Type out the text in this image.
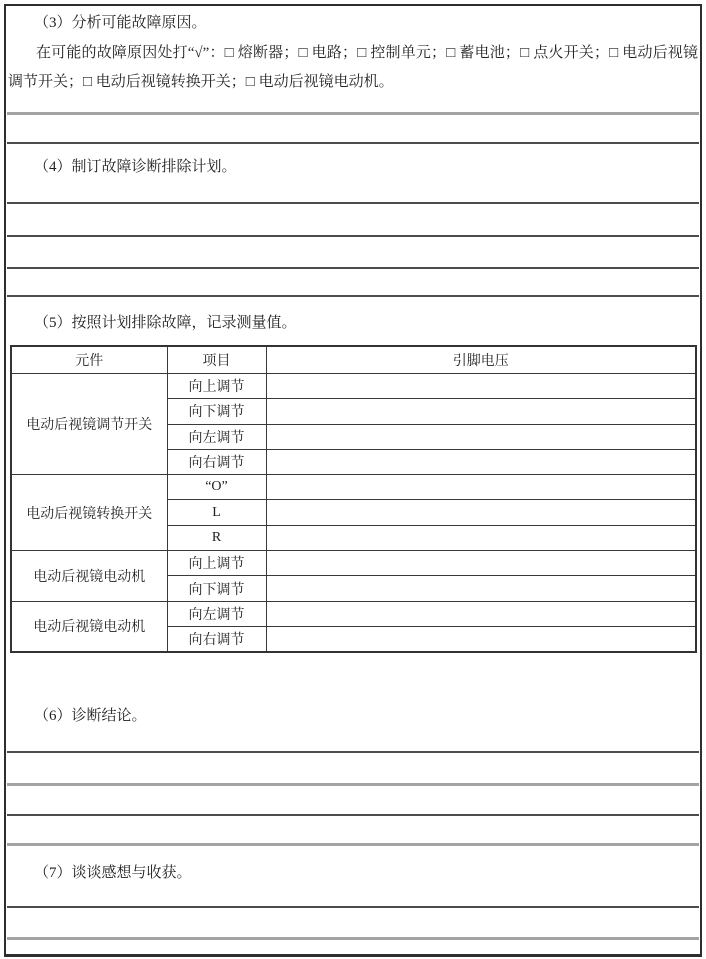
（3）分析可能故障原因。
在可能的故障原因处打“√”：□ 熔断器；□ 电路；□ 控制单元；□ 蓄电池；□ 点火开关；□ 电动后视镜调节开关；□ 电动后视镜转换开关；□ 电动后视镜电动机。
（4）制订故障诊断排除计划。
（5）按照计划排除故障，记录测量值。
元件	项目	引脚电压
电动后视镜调节开关	向上调节	
	向下调节	
	向左调节	
	向右调节	
电动后视镜转换开关	“O”	
	L	
	R	
电动后视镜电动机	向上调节	
	向下调节	
电动后视镜电动机	向左调节	
	向右调节	
（6）诊断结论。
（7）谈谈感想与收获。
